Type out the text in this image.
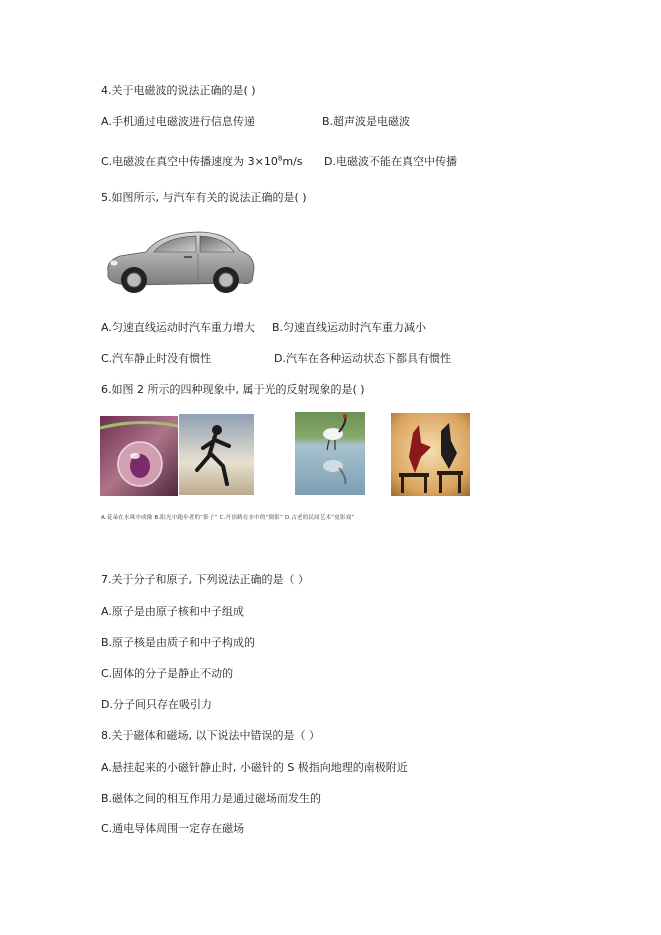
4.关于电磁波的说法正确的是( )
A.手机通过电磁波进行信息传递	B.超声波是电磁波
C.电磁波在真空中传播速度为 $3\times 10^8m/s$ D.电磁波不能在真空中传播
5.如图所示, 与汽车有关的说法正确的是( )
A.匀速直线运动时汽车重力增大 B.匀速直线运动时汽车重力减小
C.汽车静止时没有惯性	D.汽车在各种运动状态下都具有惯性
6.如图 2 所示的四种现象中, 属于光的反射现象的是( )
A.花朵在水珠中成像 B.阳光中跑步者的“影子” C.丹顶鹤在水中的“倒影” D.古老的民间艺术“皮影戏”
7.关于分子和原子, 下列说法正确的是（ ）
A.原子是由原子核和中子组成
B.原子核是由质子和中子构成的
C.固体的分子是静止不动的
D.分子间只存在吸引力
8.关于磁体和磁场, 以下说法中错误的是（ ）
A.悬挂起来的小磁针静止时, 小磁针的 S 极指向地理的南极附近
B.磁体之间的相互作用力是通过磁场而发生的
C.通电导体周围一定存在磁场
